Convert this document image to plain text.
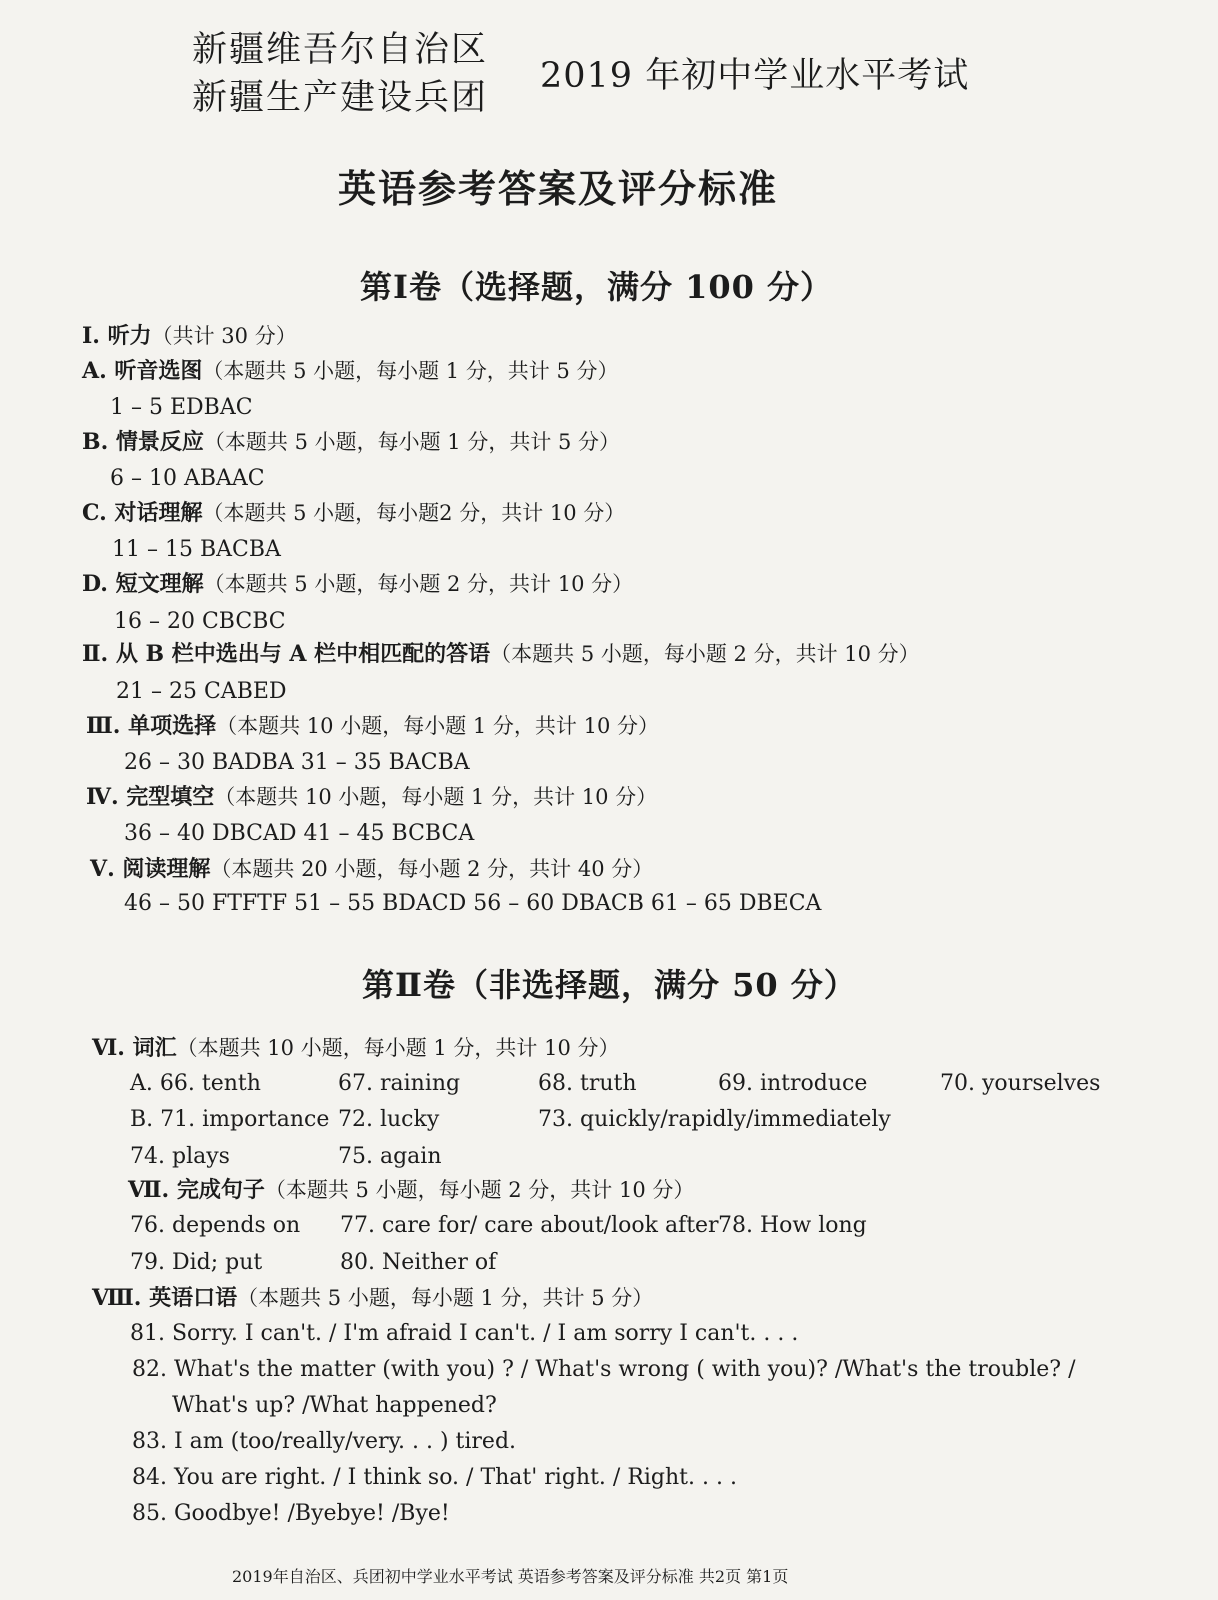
新疆维吾尔自治区
新疆生产建设兵团
2019 年初中学业水平考试
英语参考答案及评分标准
第Ⅰ卷（选择题，满分 100 分）
Ⅰ. 听力（共计 30 分）
A. 听音选图（本题共 5 小题，每小题 1 分，共计 5 分）
1 – 5 EDBAC
B. 情景反应（本题共 5 小题，每小题 1 分，共计 5 分）
6 – 10 ABAAC
C. 对话理解（本题共 5 小题，每小题2 分，共计 10 分）
11 – 15 BACBA
D. 短文理解（本题共 5 小题，每小题 2 分，共计 10 分）
16 – 20 CBCBC
Ⅱ. 从 B 栏中选出与 A 栏中相匹配的答语（本题共 5 小题，每小题 2 分，共计 10 分）
21 – 25 CABED
Ⅲ. 单项选择（本题共 10 小题，每小题 1 分，共计 10 分）
26 – 30 BADBA 31 – 35 BACBA
Ⅳ. 完型填空（本题共 10 小题，每小题 1 分，共计 10 分）
36 – 40 DBCAD 41 – 45 BCBCA
Ⅴ. 阅读理解（本题共 20 小题，每小题 2 分，共计 40 分）
46 – 50 FTFTF 51 – 55 BDACD 56 – 60 DBACB 61 – 65 DBECA
第Ⅱ卷（非选择题，满分 50 分）
Ⅵ. 词汇（本题共 10 小题，每小题 1 分，共计 10 分）
A. 66. tenth	67. raining	68. truth	69. introduce	70. yourselves
B. 71. importance 72. lucky	73. quickly/rapidly/immediately
74. plays	75. again
Ⅶ. 完成句子（本题共 5 小题，每小题 2 分，共计 10 分）
76. depends on 77. care for/ care about/look after 78. How long
79. Did; put	80. Neither of
Ⅷ. 英语口语（本题共 5 小题，每小题 1 分，共计 5 分）
81. Sorry. I can't. / I'm afraid I can't. / I am sorry I can't. . . .
82. What's the matter (with you) ? / What's wrong ( with you)? /What's the trouble? /
What's up? /What happened?
83. I am (too/really/very. . . ) tired.
84. You are right. / I think so. / That' right. / Right. . . .
85. Goodbye! /Byebye! /Bye!
2019年自治区、兵团初中学业水平考试 英语参考答案及评分标准 共2页 第1页
